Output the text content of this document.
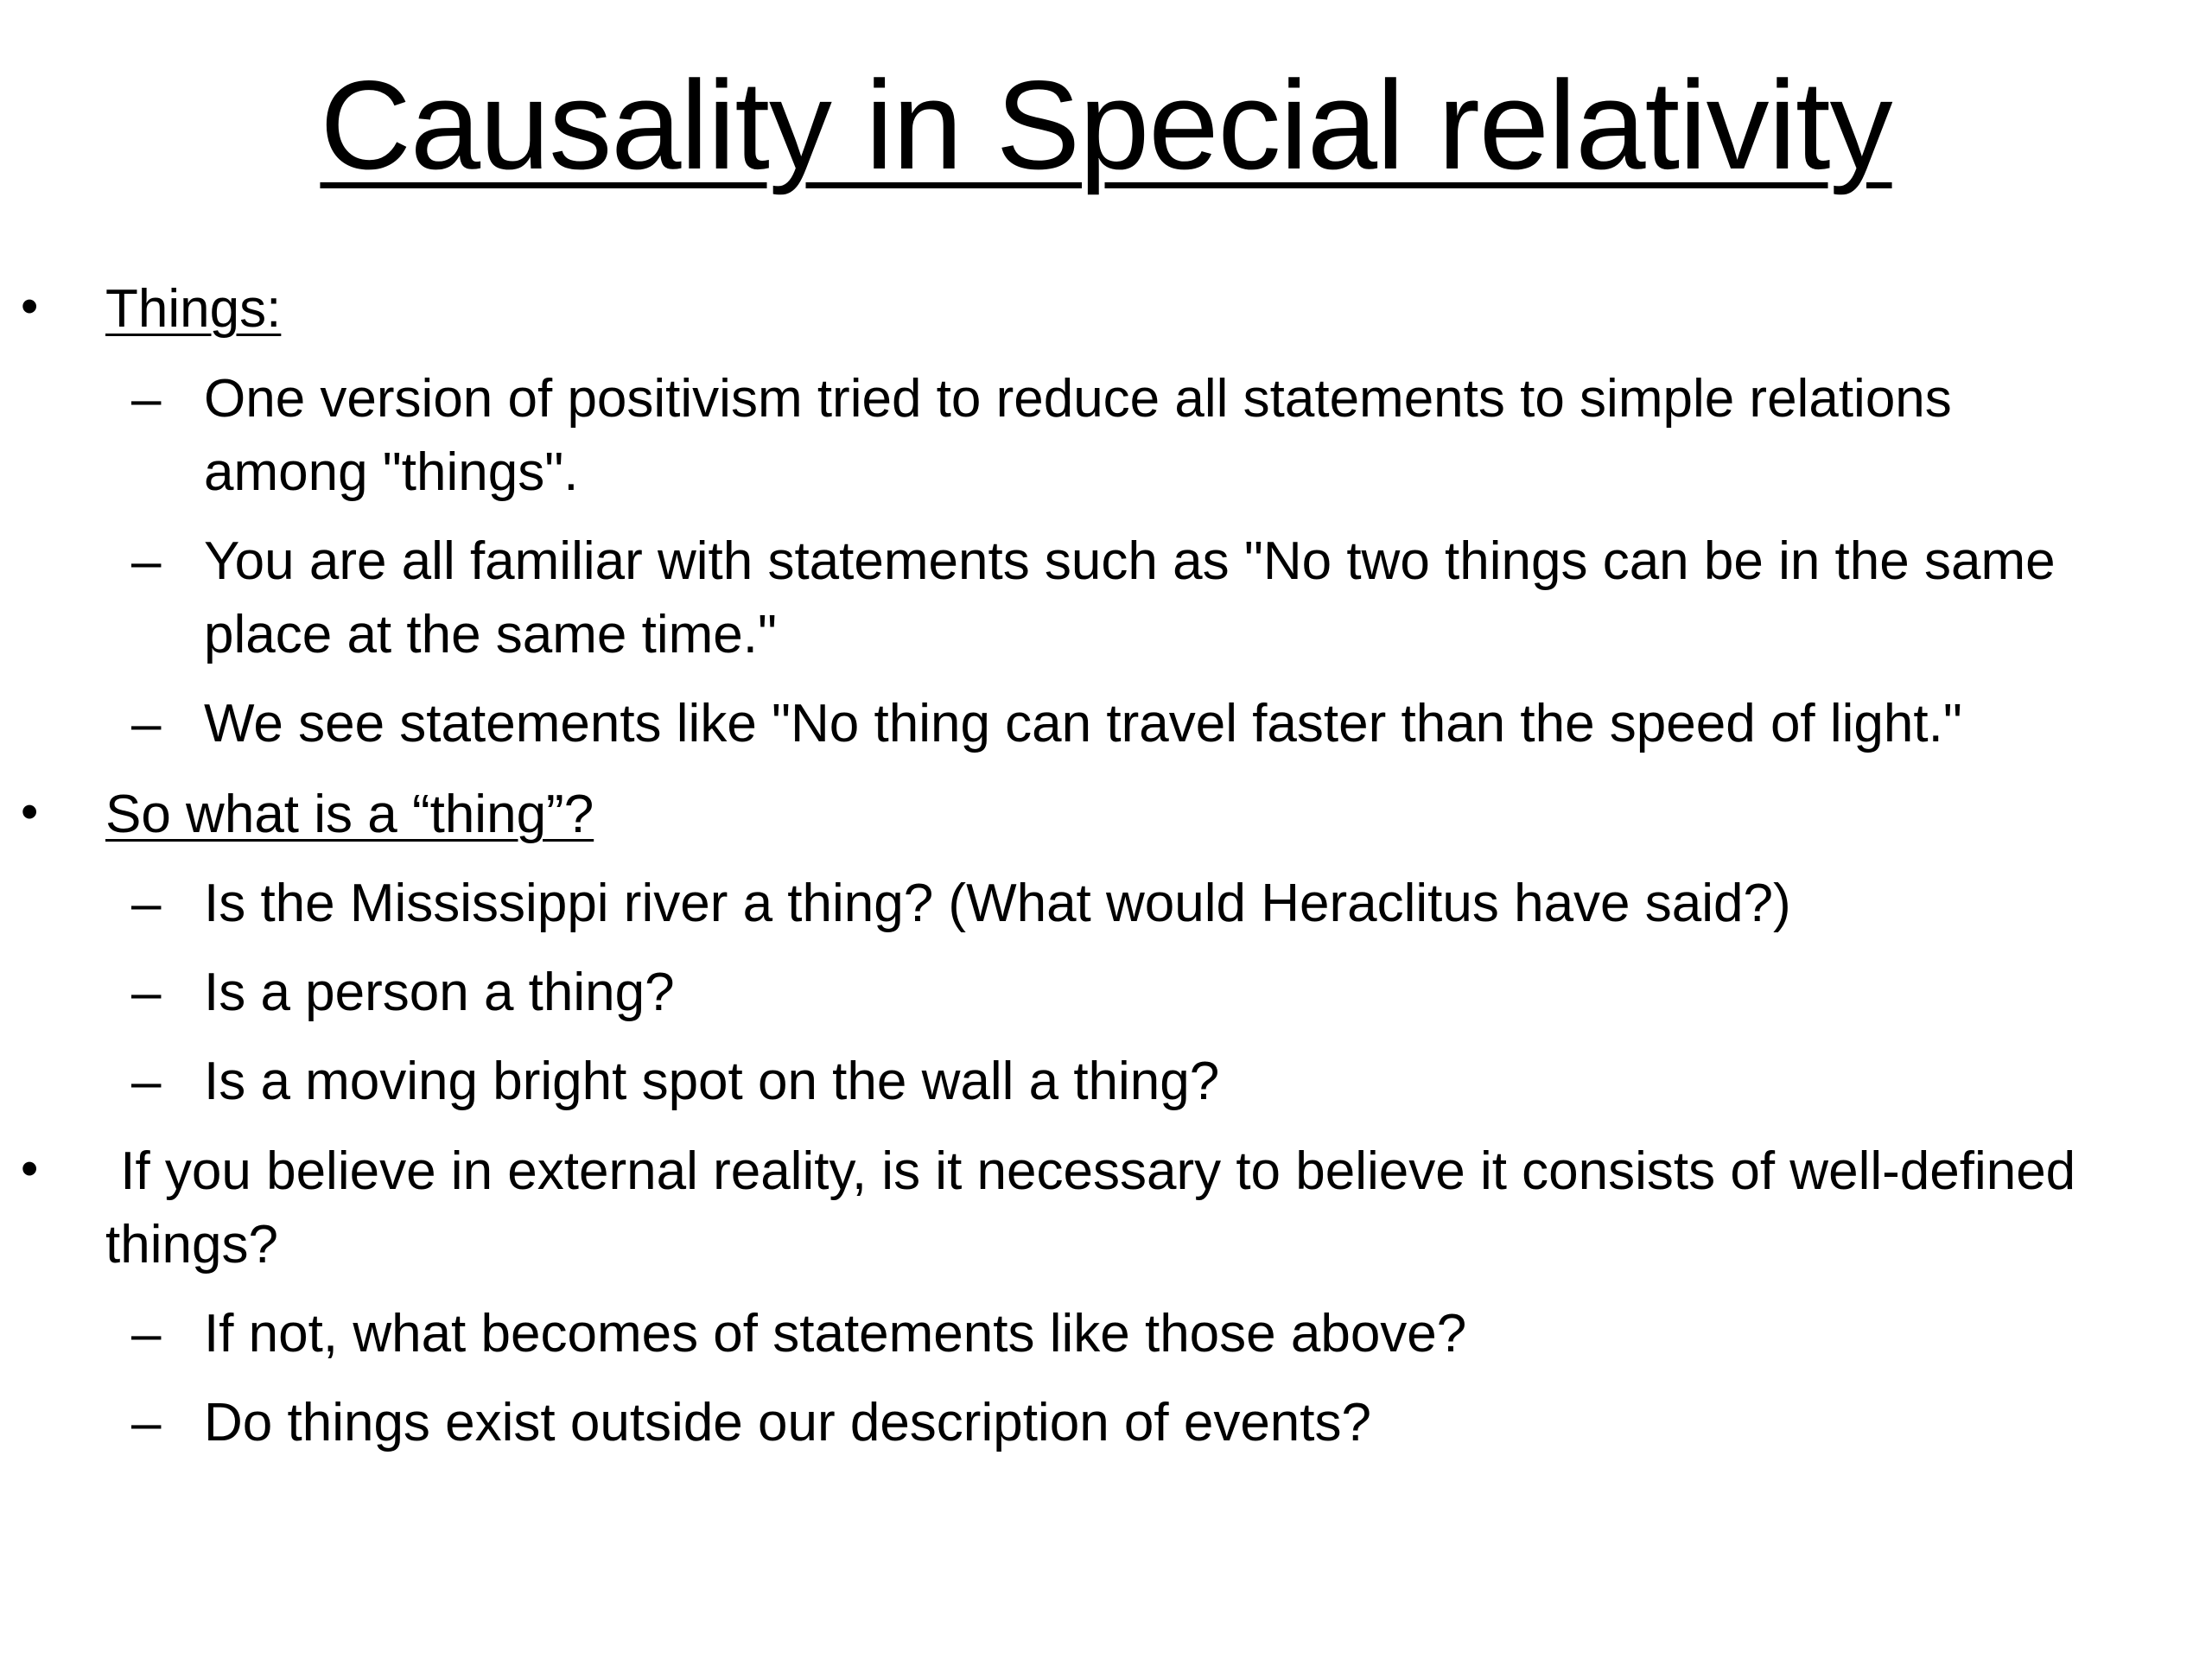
Causality in Special relativity
• Things:
– One version of positivism tried to reduce all statements to simple relations
among "things".
– You are all familiar with statements such as "No two things can be in the same
place at the same time."
– We see statements like "No thing can travel faster than the speed of light."
• So what is a “thing”?
– Is the Mississippi river a thing? (What would Heraclitus have said?)
– Is a person a thing?
– Is a moving bright spot on the wall a thing?
• If you believe in external reality, is it necessary to believe it consists of well-defined
things?
– If not, what becomes of statements like those above?
– Do things exist outside our description of events?
